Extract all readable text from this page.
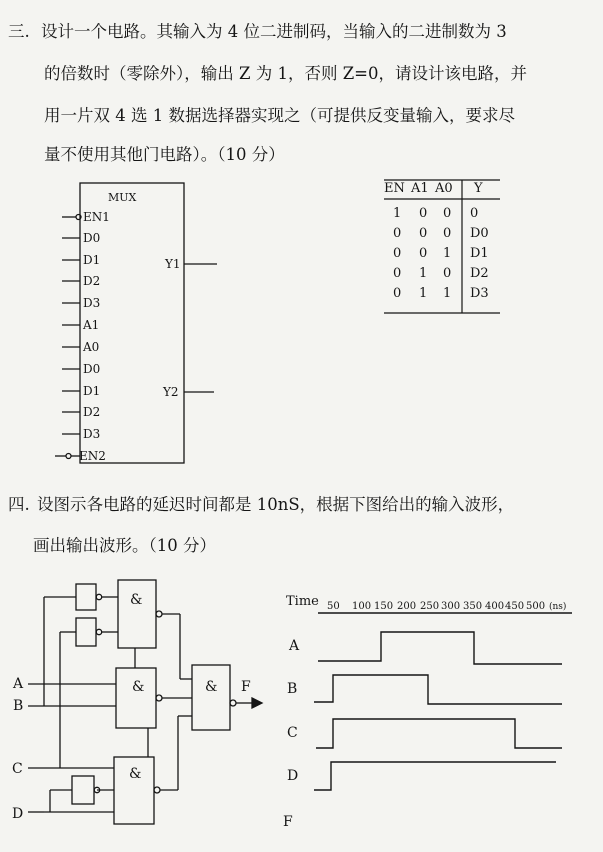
三. 设计一个电路。其输入为 4 位二进制码，当输入的二进制数为 3
的倍数时（零除外），输出 Z 为 1，否则 Z=0，请设计该电路，并
用一片双 4 选 1 数据选择器实现之（可提供反变量输入，要求尽
量不使用其他门电路）。（10 分）
MUX
EN1
D0
D1
D2
D3
A1
A0
D0
D1
D2
D3
EN2
Y1
Y2
&
&
&
&
A
B
C
D
F
Time 50 100 150 200 250 300 350 400 450 500 (ns)
A
B
C
D
F
EN A1 A0 Y
1 0 0 0
0 0 0 D0
0 0 1 D1
0 1 0 D2
0 1 1 D3
四. 设图示各电路的延迟时间都是 10nS，根据下图给出的输入波形，
画出输出波形。（10 分）
